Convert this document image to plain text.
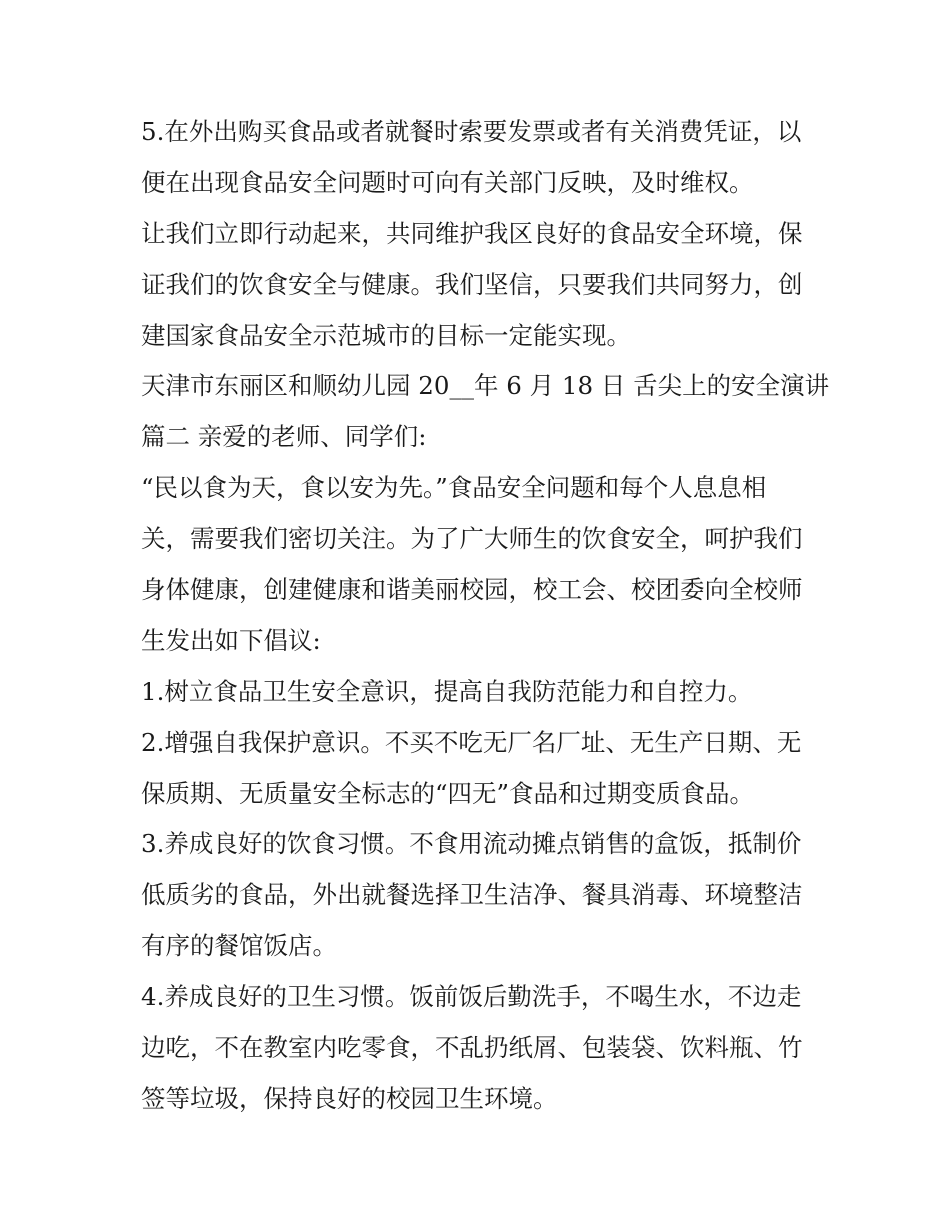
5.在外出购买食品或者就餐时索要发票或者有关消费凭证，以
便在出现食品安全问题时可向有关部门反映，及时维权。
让我们立即行动起来，共同维护我区良好的食品安全环境，保
证我们的饮食安全与健康。我们坚信，只要我们共同努力，创
建国家食品安全示范城市的目标一定能实现。
天津市东丽区和顺幼儿园 20__年 6 月 18 日 舌尖上的安全演讲
篇二 亲爱的老师、同学们:
“民以食为天，食以安为先。”食品安全问题和每个人息息相
关，需要我们密切关注。为了广大师生的饮食安全，呵护我们
身体健康，创建健康和谐美丽校园，校工会、校团委向全校师
生发出如下倡议:
1.树立食品卫生安全意识，提高自我防范能力和自控力。
2.增强自我保护意识。不买不吃无厂名厂址、无生产日期、无
保质期、无质量安全标志的“四无”食品和过期变质食品。
3.养成良好的饮食习惯。不食用流动摊点销售的盒饭，抵制价
低质劣的食品，外出就餐选择卫生洁净、餐具消毒、环境整洁
有序的餐馆饭店。
4.养成良好的卫生习惯。饭前饭后勤洗手，不喝生水，不边走
边吃，不在教室内吃零食，不乱扔纸屑、包装袋、饮料瓶、竹
签等垃圾，保持良好的校园卫生环境。
